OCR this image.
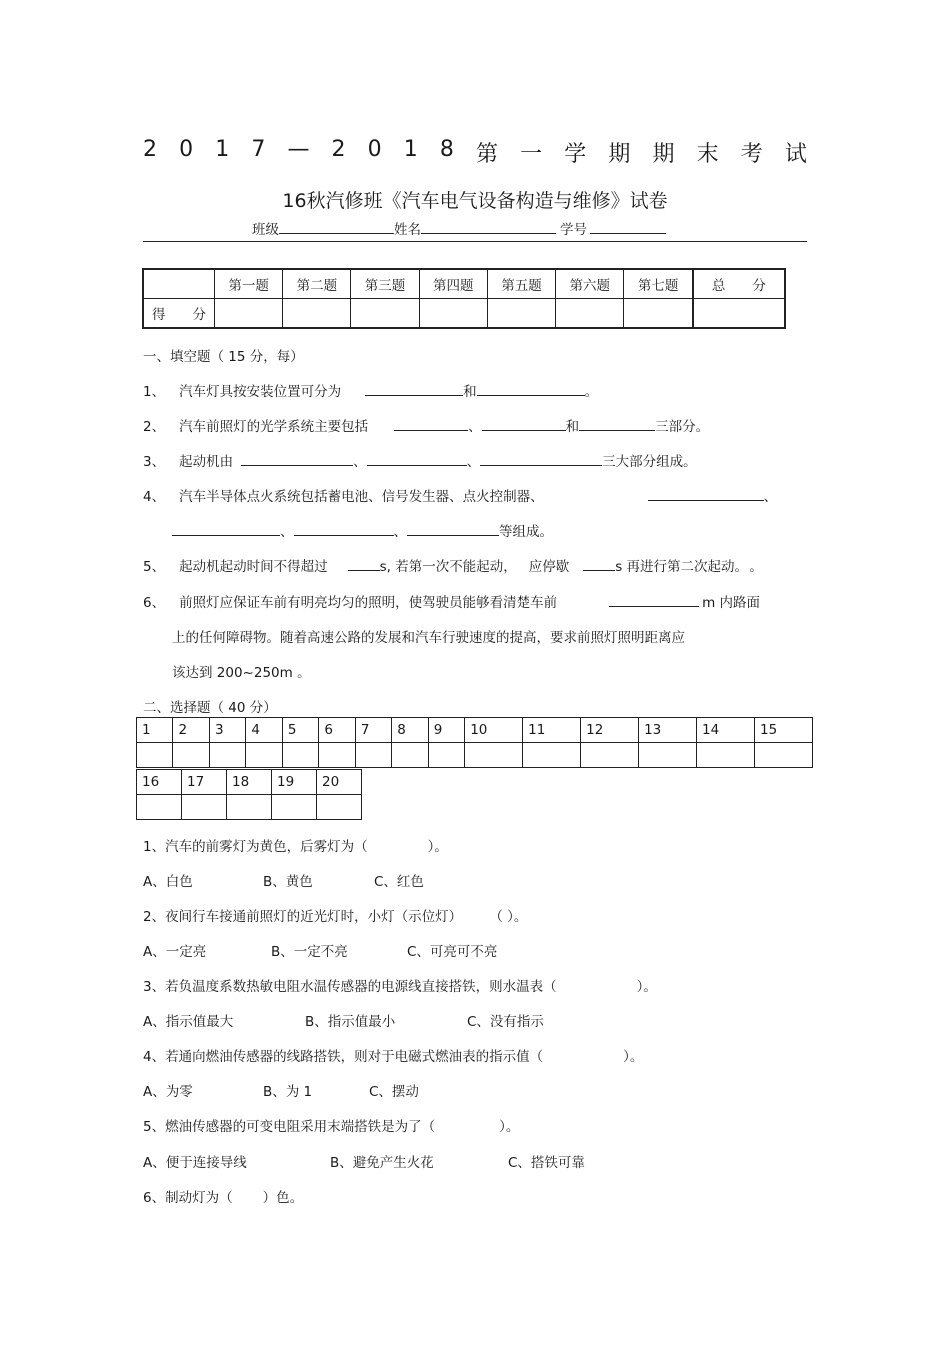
2 0 1 7 — 2 0 1 8 第 一 学 期 期 末 考 试
16秋汽修班《汽车电气设备构造与维修》试卷
班级	姓名	学号
	第一题	第二题	第三题	第四题	第五题	第六题	第七题	总　　分
得　　分								
一、填空题（ 15 分，每）
1、 汽车灯具按安装位置可分为	和	。
2、 汽车前照灯的光学系统主要包括	、	和	三部分。
3、 起动机由	、	、	三大部分组成。
4、 汽车半导体点火系统包括蓄电池、信号发生器、点火控制器、	、
、	、	等组成。
5、 起动机起动时间不得超过	s, 若第一次不能起动， 应停歇	s 再进行第二次起动。 。
6、 前照灯应保证车前有明亮均匀的照明，使驾驶员能够看清楚车前	m 内路面
上的任何障碍物。随着高速公路的发展和汽车行驶速度的提高，要求前照灯照明距离应
该达到 200~250m 。
二、选择题（ 40 分）
1	2	3	4	5	6	7	8	9	10	11	12	13	14	15

16	17	18	19	20

1、汽车的前雾灯为黄色，后雾灯为（	）。
A、白色	B、黄色	C、红色
2、夜间行车接通前照灯的近光灯时，小灯（示位灯）	（ ）。
A、一定亮	B、一定不亮	C、可亮可不亮
3、若负温度系数热敏电阻水温传感器的电源线直接搭铁，则水温表（	）。
A、指示值最大	B、指示值最小	C、没有指示
4、若通向燃油传感器的线路搭铁，则对于电磁式燃油表的指示值（	）。
A、为零	B、为 1	C、摆动
5、燃油传感器的可变电阻采用末端搭铁是为了（	）。
A、便于连接导线	B、避免产生火花	C、搭铁可靠
6、制动灯为（ ）色。
